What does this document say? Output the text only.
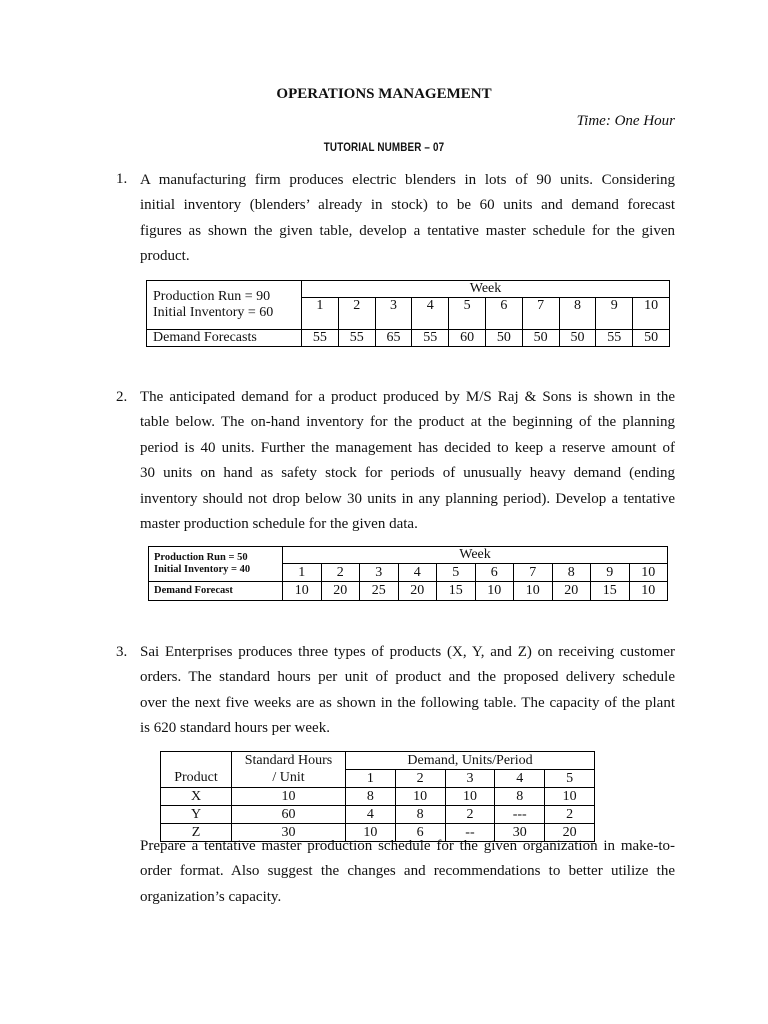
OPERATIONS MANAGEMENT
Time: One Hour
TUTORIAL NUMBER – 07
1. A manufacturing firm produces electric blenders in lots of 90 units. Considering
initial inventory (blenders’ already in stock) to be 60 units and demand forecast
figures as shown the given table, develop a tentative master schedule for the given
product.
Production Run = 90
Initial Inventory = 60	Week									
	1	2	3	4	5	6	7	8	9	10
Demand Forecasts	55	55	65	55	60	50	50	50	55	50
2. The anticipated demand for a product produced by M/S Raj & Sons is shown in the
table below. The on-hand inventory for the product at the beginning of the planning
period is 40 units. Further the management has decided to keep a reserve amount of
30 units on hand as safety stock for periods of unusually heavy demand (ending
inventory should not drop below 30 units in any planning period). Develop a tentative
master production schedule for the given data.
Production Run = 50
Initial Inventory = 40	Week									
	1	2	3	4	5	6	7	8	9	10
Demand Forecast	10	20	25	20	15	10	10	20	15	10
3. Sai Enterprises produces three types of products (X, Y, and Z) on receiving customer
orders. The standard hours per unit of product and the proposed delivery schedule
over the next five weeks are as shown in the following table. The capacity of the plant
is 620 standard hours per week.
	Standard Hours	Demand, Units/Period				
Product	/ Unit	1	2	3	4	5
X	10	8	10	10	8	10
Y	60	4	8	2	---	2
Z	30	10	6	--	30	20
Prepare a tentative master production schedule for the given organization in make-to-
order format. Also suggest the changes and recommendations to better utilize the
organization’s capacity.
